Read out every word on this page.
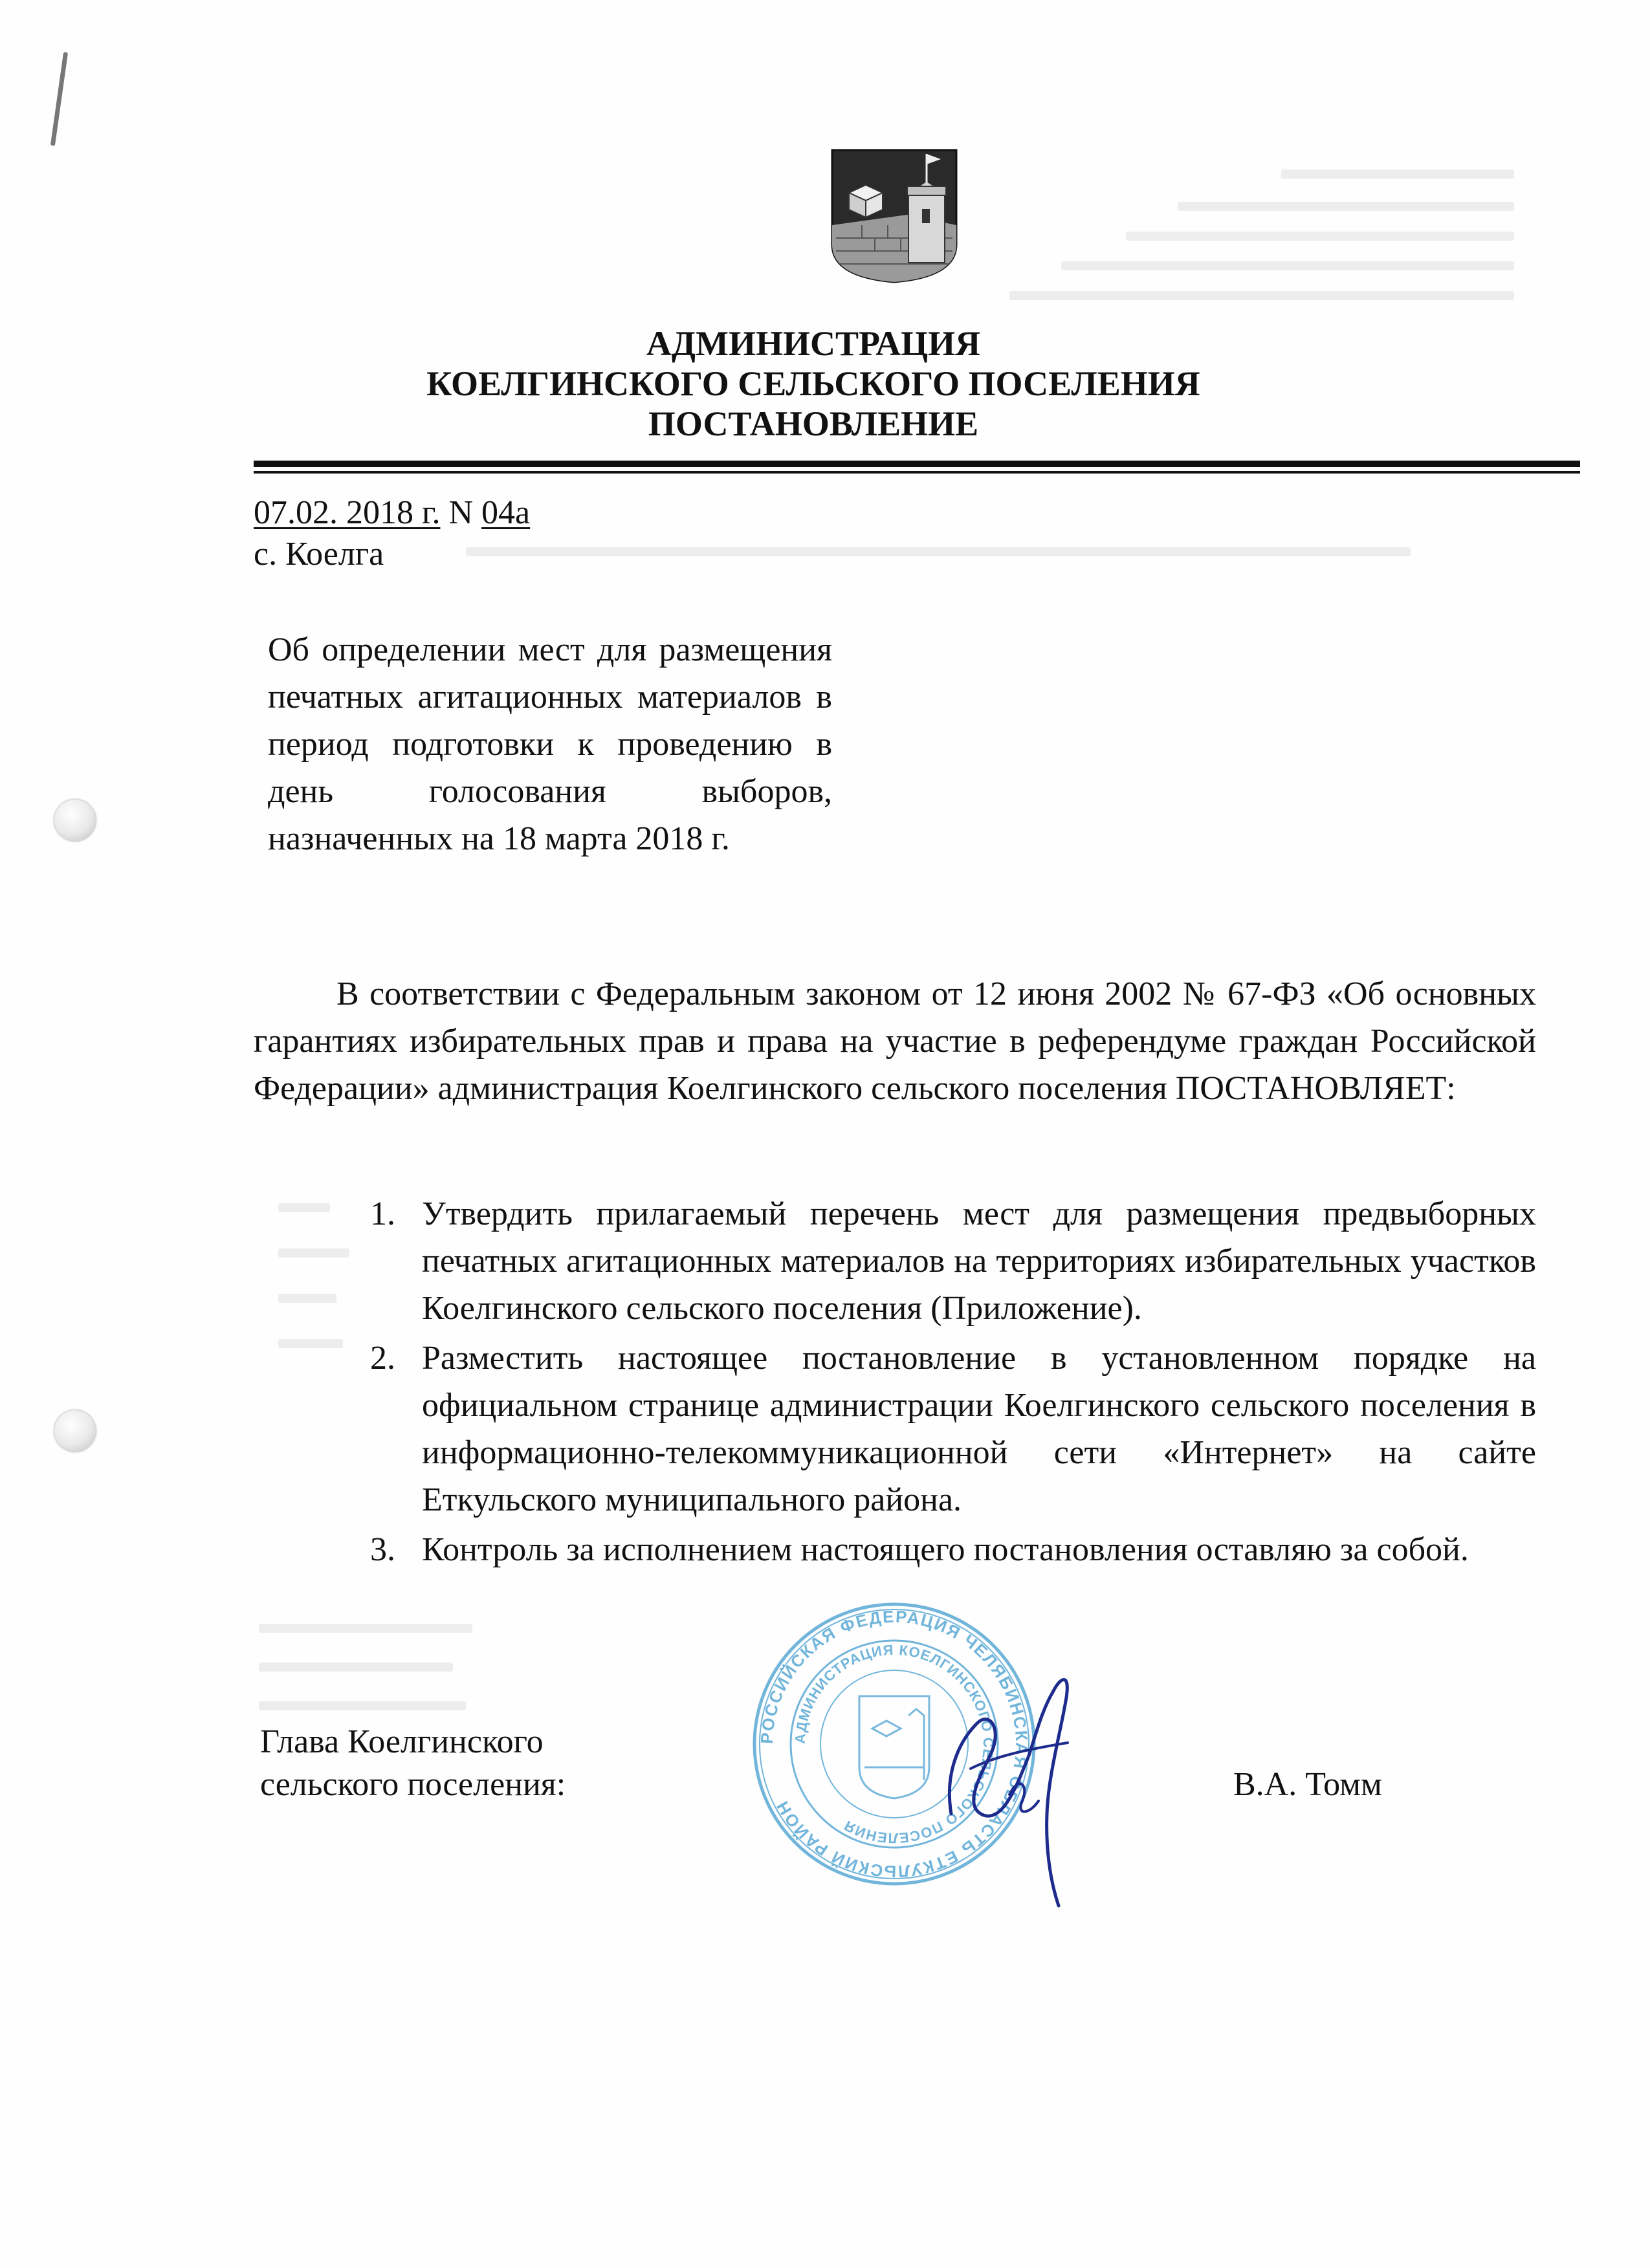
АДМИНИСТРАЦИЯ
КОЕЛГИНСКОГО СЕЛЬСКОГО ПОСЕЛЕНИЯ
ПОСТАНОВЛЕНИЕ
07.02. 2018 г. N 04а
с. Коелга
Об определении мест для размещения печатных агитационных материалов в период подготовки к проведению в день голосования выборов, назначенных на 18 марта 2018 г.
В соответствии с Федеральным законом от 12 июня 2002 № 67-ФЗ «Об основных гарантиях избирательных прав и права на участие в референдуме граждан Российской Федерации» администрация Коелгинского сельского поселения ПОСТАНОВЛЯЕТ:
1. Утвердить прилагаемый перечень мест для размещения предвыборных печатных агитационных материалов на территориях избирательных участков Коелгинского сельского поселения (Приложение).
2. Разместить настоящее постановление в установленном порядке на официальном странице администрации Коелгинского сельского поселения в информационно-телекоммуникационной сети «Интернет» на сайте Еткульского муниципального района.
3. Контроль за исполнением настоящего постановления оставляю за собой.
РОССИЙСКАЯ ФЕДЕРАЦИЯ ЧЕЛЯБИНСКАЯ ОБЛАСТЬ ЕТКУЛЬСКИЙ РАЙОН
АДМИНИСТРАЦИЯ КОЕЛГИНСКОГО СЕЛЬСКОГО ПОСЕЛЕНИЯ
Глава Коелгинского
сельского поселения:	В.А. Томм
